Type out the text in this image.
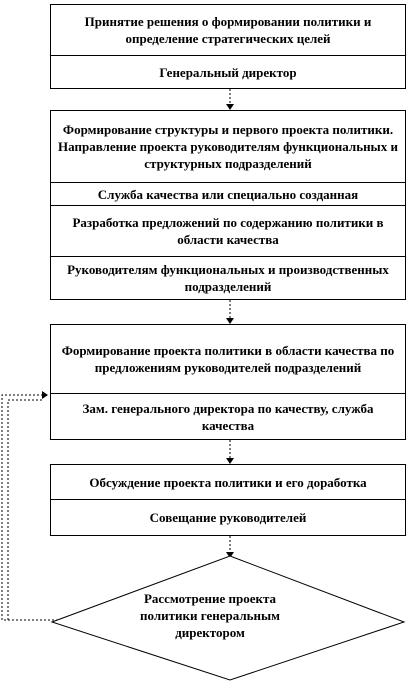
Принятие решения о формировании политики и определение стратегических целей
Генеральный директор
Формирование структуры и первого проекта политики. Направление проекта руководителям функциональных и структурных подразделений
Служба качества или специально созданная
Разработка предложений по содержанию политики в области качества
Руководителям функциональных и производственных подразделений
Формирование проекта политики в области качества по предложениям руководителей подразделений
Зам. генерального директора по качеству, служба качества
Обсуждение проекта политики и его доработка
Совещание руководителей
Рассмотрение проекта политики генеральным директором
